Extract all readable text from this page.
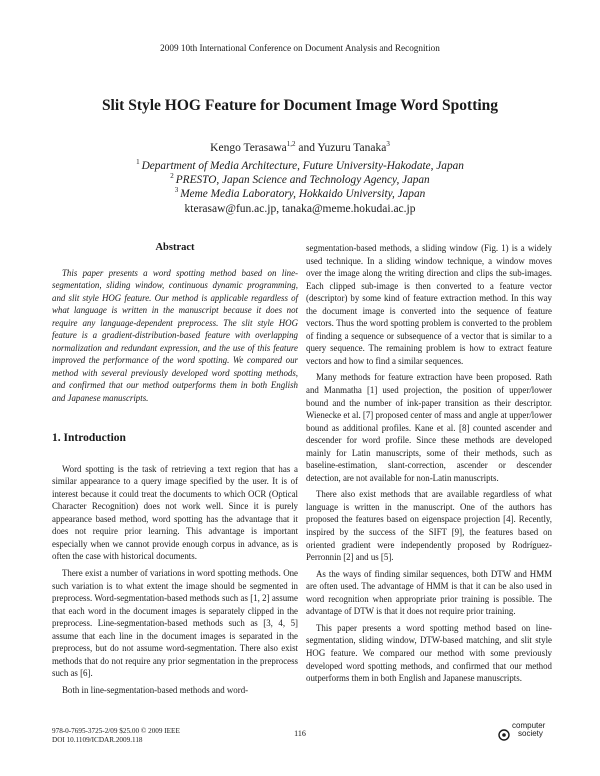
2009 10th International Conference on Document Analysis and Recognition
Slit Style HOG Feature for Document Image Word Spotting
Kengo Terasawa$^{1,2}$ and Yuzuru Tanaka$^3$
$^1$ Department of Media Architecture, Future University-Hakodate, Japan
$^2$ PRESTO, Japan Science and Technology Agency, Japan
$^3$ Meme Media Laboratory, Hokkaido University, Japan
kterasaw@fun.ac.jp, tanaka@meme.hokudai.ac.jp
Abstract

This paper presents a word spotting method based on line-segmentation, sliding window, continuous dynamic programming, and slit style HOG feature. Our method is applicable regardless of what language is written in the manuscript because it does not require any language-dependent preprocess. The slit style HOG feature is a gradient-distribution-based feature with overlapping normalization and redundant expression, and the use of this feature improved the performance of the word spotting. We compared our method with several previously developed word spotting methods, and confirmed that our method outperforms them in both English and Japanese manuscripts.

1. Introduction

Word spotting is the task of retrieving a text region that has a similar appearance to a query image specified by the user. It is of interest because it could treat the documents to which OCR (Optical Character Recognition) does not work well. Since it is purely appearance based method, word spotting has the advantage that it does not require prior learning. This advantage is important especially when we cannot provide enough corpus in advance, as is often the case with historical documents.

There exist a number of variations in word spotting methods. One such variation is to what extent the image should be segmented in preprocess. Word-segmentation-based methods such as [1, 2] assume that each word in the document images is separately clipped in the preprocess. Line-segmentation-based methods such as [3, 4, 5] assume that each line in the document images is separated in the preprocess, but do not assume word-segmentation. There also exist methods that do not require any prior segmentation in the preprocess such as [6].

Both in line-segmentation-based methods and word-

segmentation-based methods, a sliding window (Fig. 1) is a widely used technique. In a sliding window technique, a window moves over the image along the writing direction and clips the sub-images. Each clipped sub-image is then converted to a feature vector (descriptor) by some kind of feature extraction method. In this way the document image is converted into the sequence of feature vectors. Thus the word spotting problem is converted to the problem of finding a sequence or subsequence of a vector that is similar to a query sequence. The remaining problem is how to extract feature vectors and how to find a similar sequences.

Many methods for feature extraction have been proposed. Rath and Manmatha [1] used projection, the position of upper/lower bound and the number of ink-paper transition as their descriptor. Wienecke et al. [7] proposed center of mass and angle at upper/lower bound as additional profiles. Kane et al. [8] counted ascender and descender for word profile. Since these methods are developed mainly for Latin manuscripts, some of their methods, such as baseline-estimation, slant-correction, ascender or descender detection, are not available for non-Latin manuscripts.

There also exist methods that are available regardless of what language is written in the manuscript. One of the authors has proposed the features based on eigenspace projection [4]. Recently, inspired by the success of the SIFT [9], the features based on oriented gradient were independently proposed by Rodríguez-Perronnin [2] and us [5].

As the ways of finding similar sequences, both DTW and HMM are often used. The advantage of HMM is that it can be also used in word recognition when appropriate prior training is possible. The advantage of DTW is that it does not require prior training.

This paper presents a word spotting method based on line-segmentation, sliding window, DTW-based matching, and slit style HOG feature. We compared our method with some previously developed word spotting methods, and confirmed that our method outperforms them in both English and Japanese manuscripts.

978-0-7695-3725-2/09 $25.00 © 2009 IEEE
DOI 10.1109/ICDAR.2009.118
116
computer
society
